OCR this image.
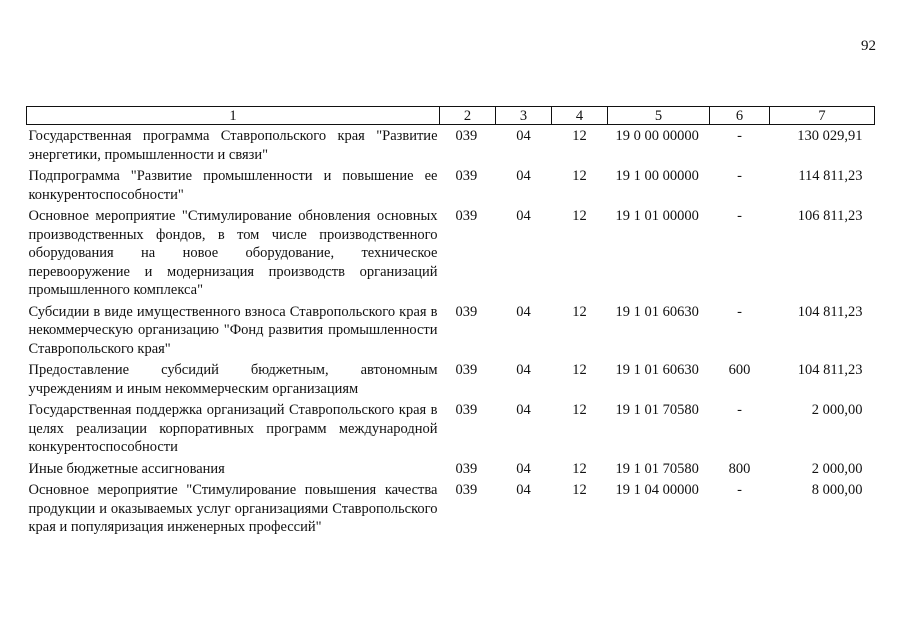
92
1	2	3	4	5	6	7
Государственная программа Ставропольского края "Развитие энергетики, промышленности и связи"	039	04	12	19 0 00 00000	-	130 029,91
Подпрограмма "Развитие промышленности и повышение ее конкурентоспособности"	039	04	12	19 1 00 00000	-	114 811,23
Основное мероприятие "Стимулирование обновления основных производственных фондов, в том числе производственного оборудования на новое оборудование, техническое перевооружение и модернизация производств организаций промышленного комплекса"	039	04	12	19 1 01 00000	-	106 811,23
Субсидии в виде имущественного взноса Ставропольского края в некоммерческую организацию "Фонд развития промышленности Ставропольского края"	039	04	12	19 1 01 60630	-	104 811,23
Предоставление субсидий бюджетным, автономным учреждениям и иным некоммерческим организациям	039	04	12	19 1 01 60630	600	104 811,23
Государственная поддержка организаций Ставропольского края в целях реализации корпоративных программ международной конкурентоспособности	039	04	12	19 1 01 70580	-	2 000,00
Иные бюджетные ассигнования	039	04	12	19 1 01 70580	800	2 000,00
Основное мероприятие "Стимулирование повышения качества продукции и оказываемых услуг организациями Ставропольского края и популяризация инженерных профессий"	039	04	12	19 1 04 00000	-	8 000,00
